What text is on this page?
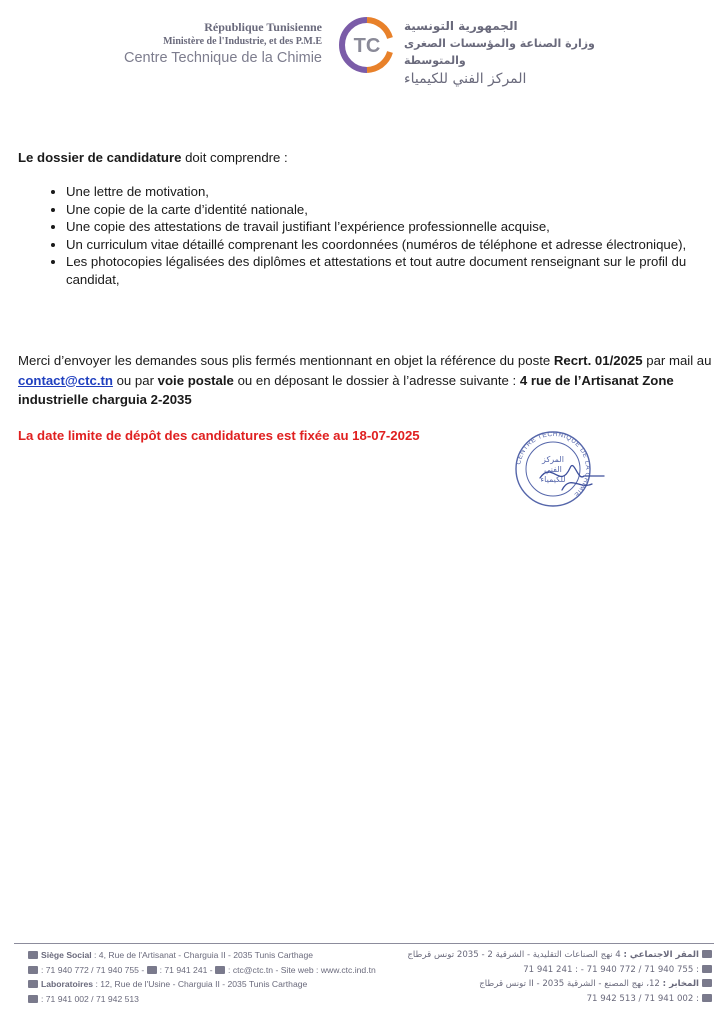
République Tunisienne
Ministère de l'Industrie, et des P.M.E
Centre Technique de la Chimie
TC
الجمهورية التونسية
وزارة الصناعة والمؤسسات الصغرى والمتوسطة
المركز الفني للكيمياء

Le dossier de candidature doit comprendre :

• Une lettre de motivation,
• Une copie de la carte d’identité nationale,
• Une copie des attestations de travail justifiant l’expérience professionnelle acquise,
• Un curriculum vitae détaillé comprenant les coordonnées (numéros de téléphone et adresse électronique),
• Les photocopies légalisées des diplômes et attestations et tout autre document renseignant sur le profil du candidat,

Merci d’envoyer les demandes sous plis fermés mentionnant en objet la référence du poste Recrt. 01/2025 par mail au contact@ctc.tn ou par voie postale ou en déposant le dossier à l’adresse suivante : 4 rue de l’Artisanat Zone industrielle charguia 2-2035

La date limite de dépôt des candidatures est fixée au 18-07-2025

CENTRE TECHNIQUE DE LA CHIMIE
المركز
الفني
للكيمياء
Siège Social : 4, Rue de l'Artisanat - Charguia II - 2035 Tunis Carthage
: 71 940 772 / 71 940 755 - : 71 941 241 - : ctc@ctc.tn - Site web : www.ctc.ind.tn
Laboratoires : 12, Rue de l'Usine - Charguia II - 2035 Tunis Carthage
: 71 941 002 / 71 942 513
المقر الاجتماعي : 4 نهج الصناعات التقليدية - الشرقية 2 - 2035 تونس قرطاج
71 941 241 : - 71 940 772 / 71 940 755 :
المخابر : 12، نهج المصنع - الشرقية II - 2035 تونس قرطاج
71 942 513 / 71 941 002 :
